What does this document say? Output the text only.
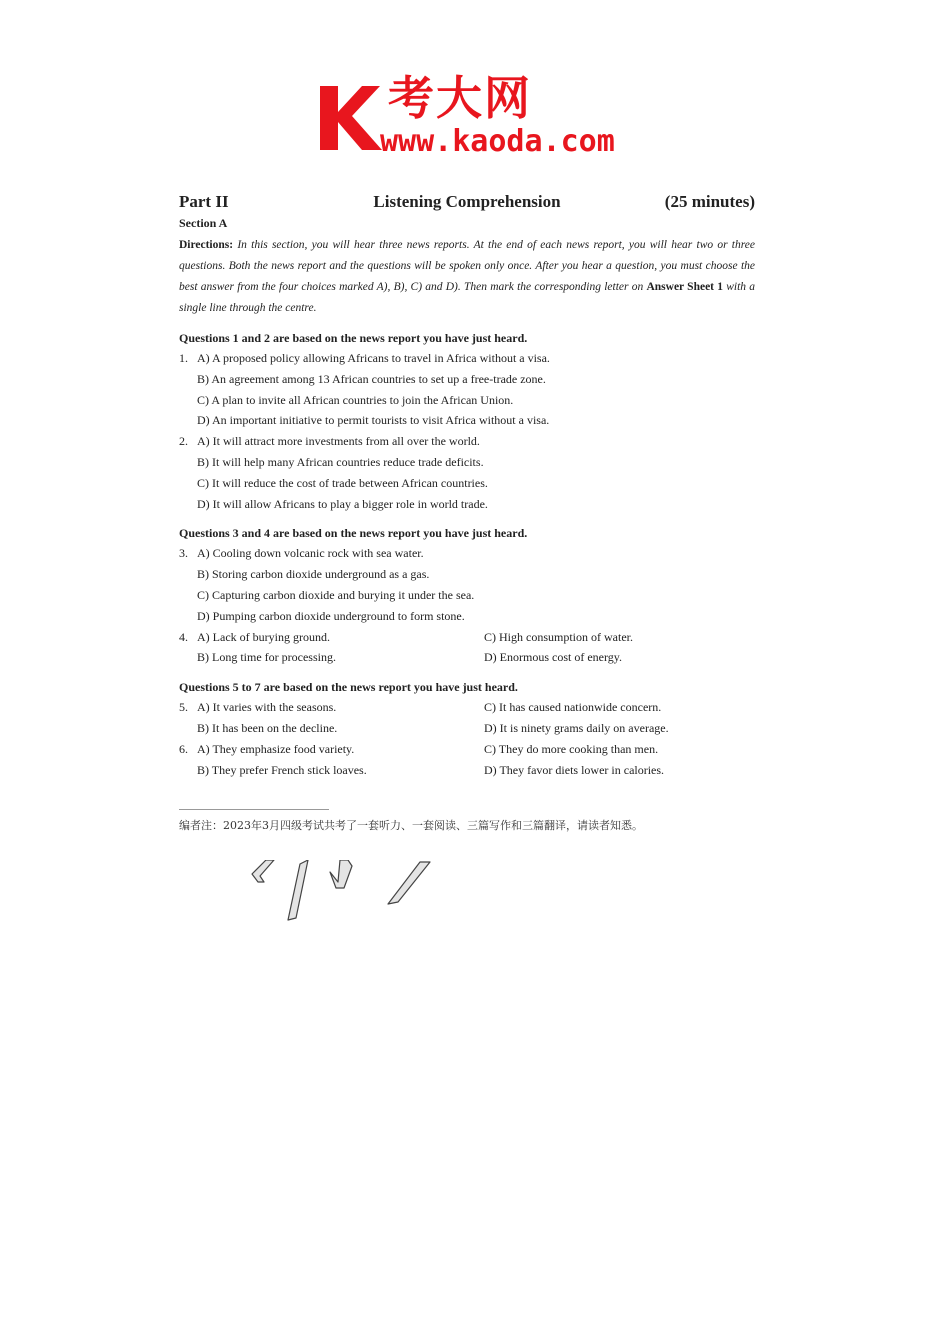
考大网
www.kaoda.com
Part II	Listening Comprehension	(25 minutes)
Section A
Directions: In this section, you will hear three news reports. At the end of each news report, you will hear two or three questions. Both the news report and the questions will be spoken only once. After you hear a question, you must choose the best answer from the four choices marked A), B), C) and D). Then mark the corresponding letter on Answer Sheet 1 with a single line through the centre.
Questions 1 and 2 are based on the news report you have just heard.
1. A) A proposed policy allowing Africans to travel in Africa without a visa.
B) An agreement among 13 African countries to set up a free-trade zone.
C) A plan to invite all African countries to join the African Union.
D) An important initiative to permit tourists to visit Africa without a visa.
2. A) It will attract more investments from all over the world.
B) It will help many African countries reduce trade deficits.
C) It will reduce the cost of trade between African countries.
D) It will allow Africans to play a bigger role in world trade.
Questions 3 and 4 are based on the news report you have just heard.
3. A) Cooling down volcanic rock with sea water.
B) Storing carbon dioxide underground as a gas.
C) Capturing carbon dioxide and burying it under the sea.
D) Pumping carbon dioxide underground to form stone.
4. A) Lack of burying ground.	C) High consumption of water.
B) Long time for processing.	D) Enormous cost of energy.
Questions 5 to 7 are based on the news report you have just heard.
5. A) It varies with the seasons.	C) It has caused nationwide concern.
B) It has been on the decline.	D) It is ninety grams daily on average.
6. A) They emphasize food variety.	C) They do more cooking than men.
B) They prefer French stick loaves.	D) They favor diets lower in calories.
编者注：2023年3月四级考试共考了一套听力、一套阅读、三篇写作和三篇翻译，请读者知悉。
